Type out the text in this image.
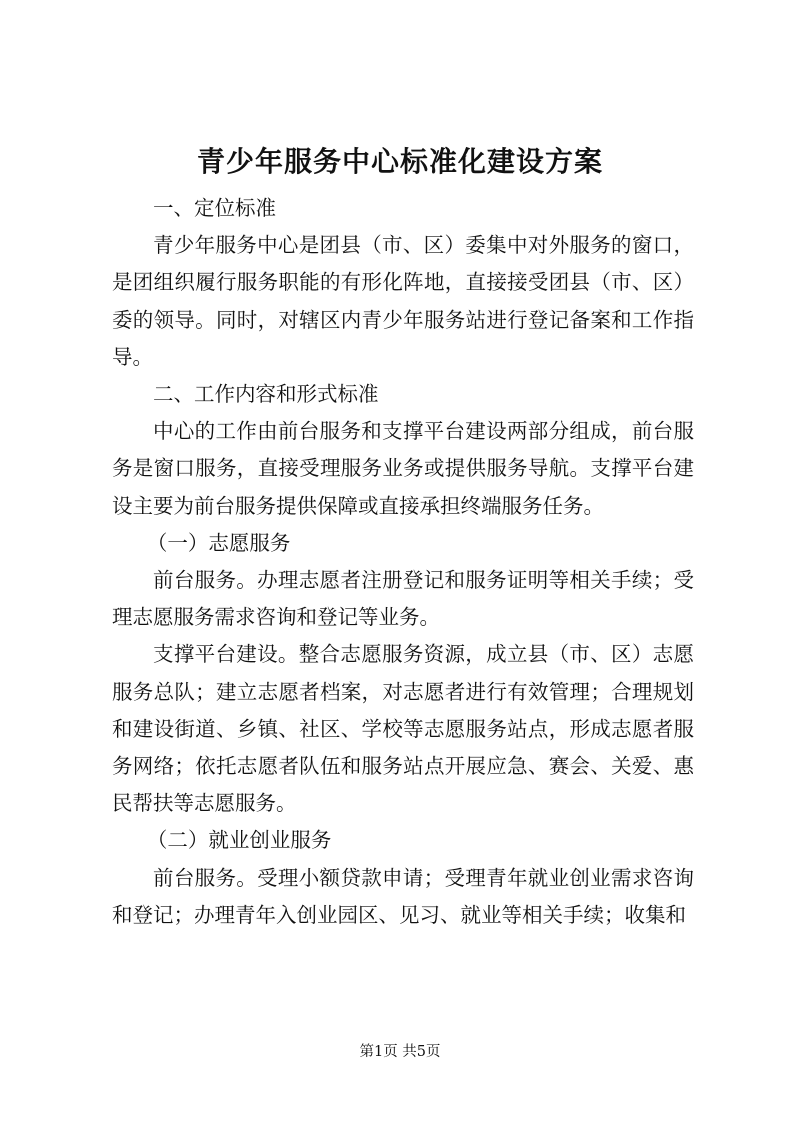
青少年服务中心标准化建设方案

一、定位标准

青少年服务中心是团县（市、区）委集中对外服务的窗口，是团组织履行服务职能的有形化阵地，直接接受团县（市、区）委的领导。同时，对辖区内青少年服务站进行登记备案和工作指导。

二、工作内容和形式标准

中心的工作由前台服务和支撑平台建设两部分组成，前台服务是窗口服务，直接受理服务业务或提供服务导航。支撑平台建设主要为前台服务提供保障或直接承担终端服务任务。

（一）志愿服务

前台服务。办理志愿者注册登记和服务证明等相关手续；受理志愿服务需求咨询和登记等业务。

支撑平台建设。整合志愿服务资源，成立县（市、区）志愿服务总队；建立志愿者档案，对志愿者进行有效管理；合理规划和建设街道、乡镇、社区、学校等志愿服务站点，形成志愿者服务网络；依托志愿者队伍和服务站点开展应急、赛会、关爱、惠民帮扶等志愿服务。

（二）就业创业服务

前台服务。受理小额贷款申请；受理青年就业创业需求咨询和登记；办理青年入创业园区、见习、就业等相关手续；收集和

第1页 共5页
